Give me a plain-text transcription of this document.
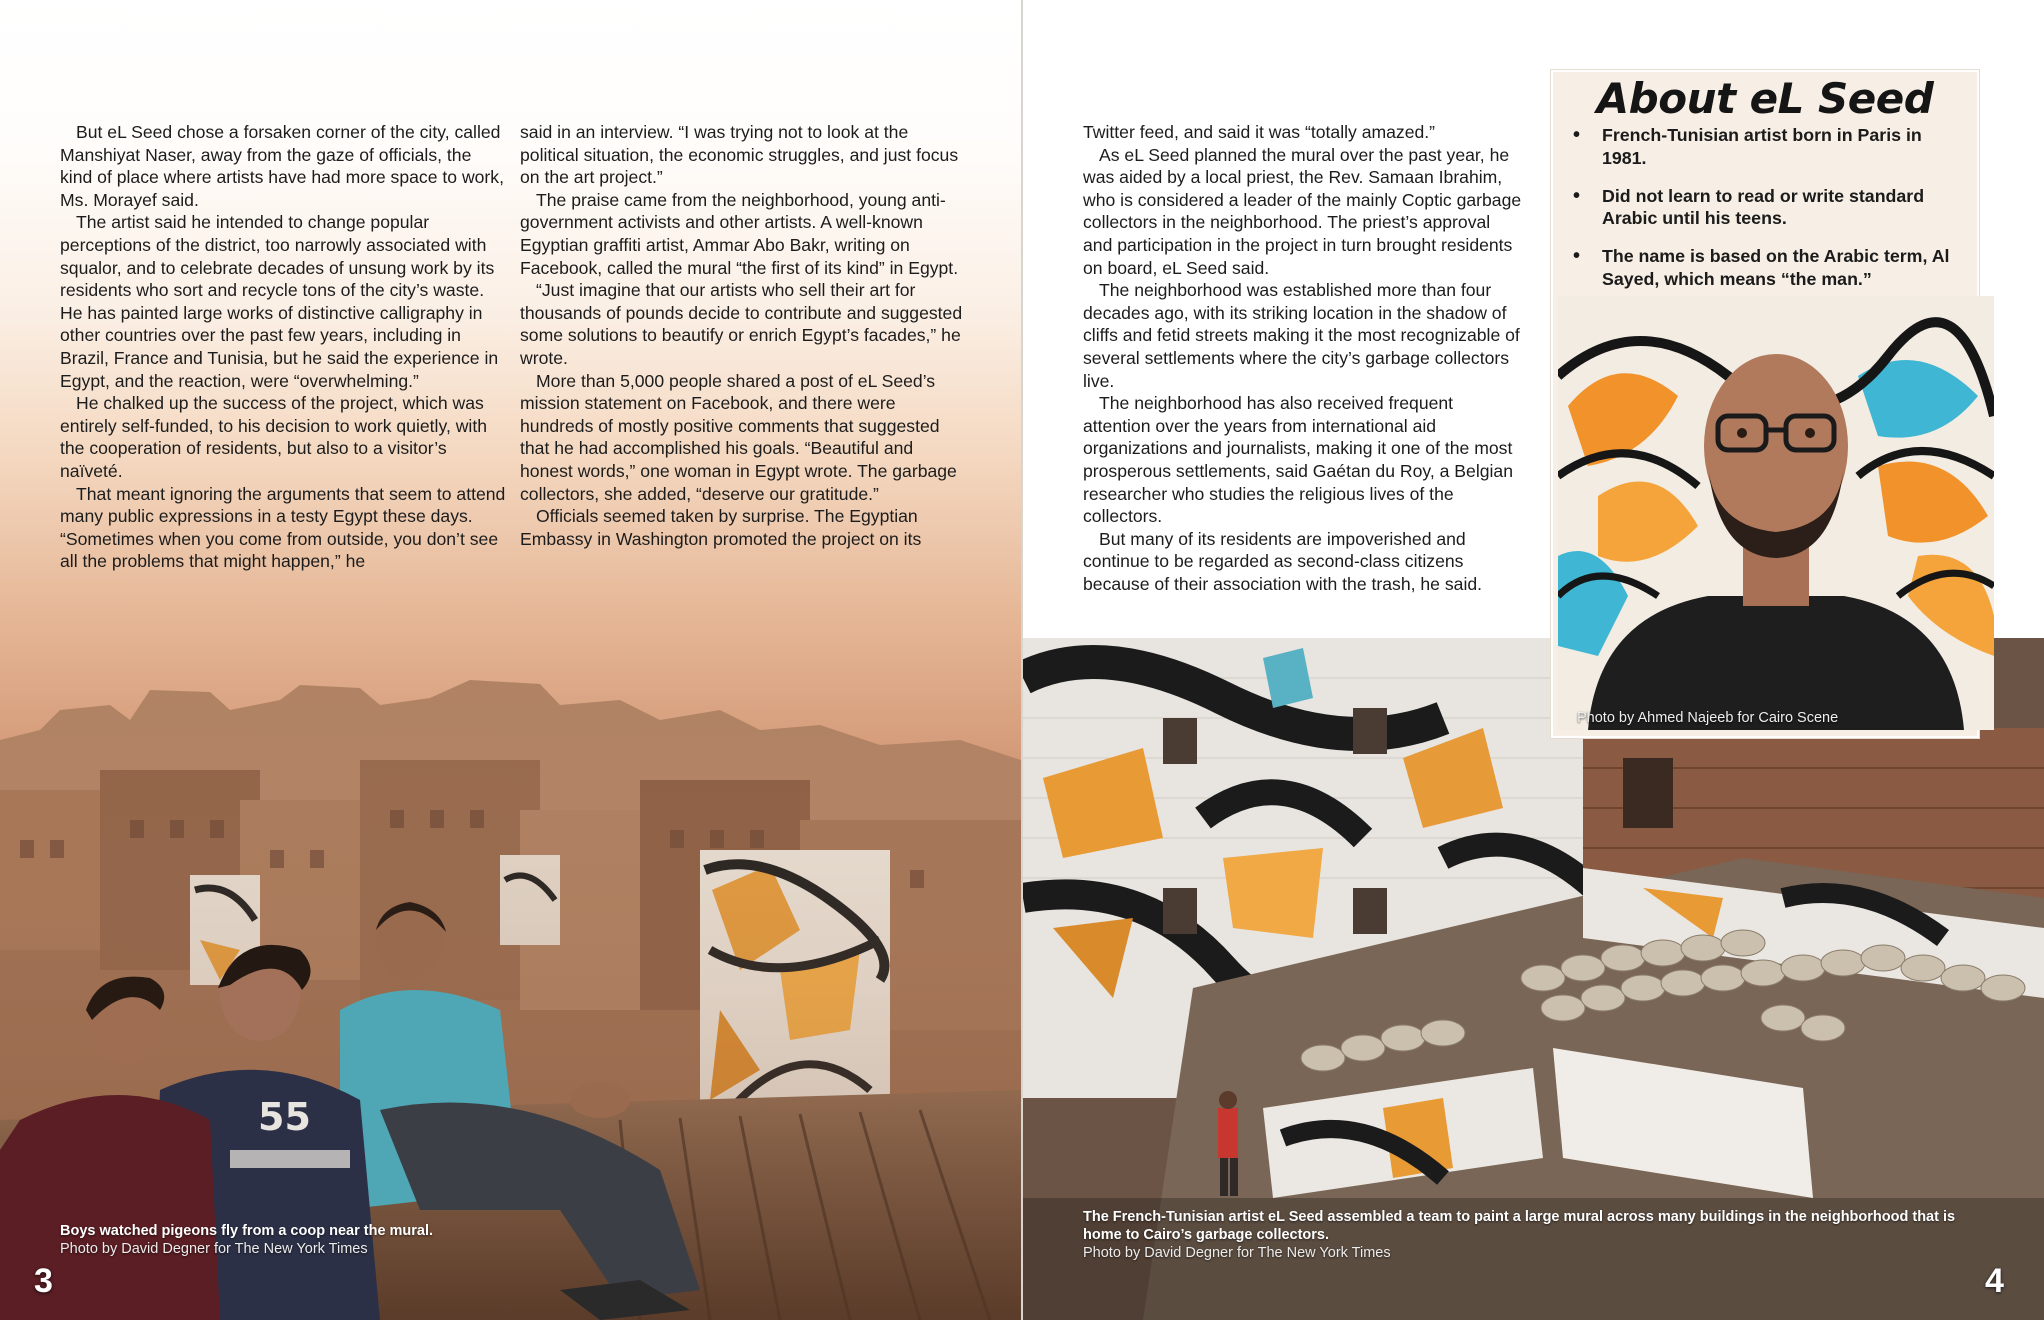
55

But eL Seed chose a forsaken corner of the city, called Manshiyat Naser, away from the gaze of officials, the kind of place where artists have had more space to work, Ms. Morayef said.

The artist said he intended to change popular perceptions of the district, too narrowly associated with squalor, and to celebrate decades of unsung work by its residents who sort and recycle tons of the city’s waste. He has painted large works of distinctive calligraphy in other countries over the past few years, including in Brazil, France and Tunisia, but he said the experience in Egypt, and the reaction, were “overwhelming.”

He chalked up the success of the project, which was entirely self-funded, to his decision to work quietly, with the cooperation of residents, but also to a visitor’s naïveté.

That meant ignoring the arguments that seem to attend many public expressions in a testy Egypt these days. “Sometimes when you come from outside, you don’t see all the problems that might happen,” he

said in an interview. “I was trying not to look at the political situation, the economic struggles, and just focus on the art project.”

The praise came from the neighborhood, young anti-government activists and other artists. A well-known Egyptian graffiti artist, Ammar Abo Bakr, writing on Facebook, called the mural “the first of its kind” in Egypt.

“Just imagine that our artists who sell their art for thousands of pounds decide to contribute and suggested some solutions to beautify or enrich Egypt’s facades,” he wrote.

More than 5,000 people shared a post of eL Seed’s mission statement on Facebook, and there were hundreds of mostly positive comments that suggested that he had accomplished his goals. “Beautiful and honest words,” one woman in Egypt wrote. The garbage collectors, she added, “deserve our gratitude.”

Officials seemed taken by surprise. The Egyptian Embassy in Washington promoted the project on its

Boys watched pigeons fly from a coop near the mural.
Photo by David Degner for The New York Times
3

Twitter feed, and said it was “totally amazed.”

As eL Seed planned the mural over the past year, he was aided by a local priest, the Rev. Samaan Ibrahim, who is considered a leader of the mainly Coptic garbage collectors in the neighborhood. The priest’s approval and participation in the project in turn brought residents on board, eL Seed said.

The neighborhood was established more than four decades ago, with its striking location in the shadow of cliffs and fetid streets making it the most recognizable of several settlements where the city’s garbage collectors live.

The neighborhood has also received frequent attention over the years from international aid organizations and journalists, making it one of the most prosperous settlements, said Gaétan du Roy, a Belgian researcher who studies the religious lives of the collectors.

But many of its residents are impoverished and continue to be regarded as second-class citizens because of their association with the trash, he said.

About eL Seed
• French-Tunisian artist born in Paris in 1981.
• Did not learn to read or write standard Arabic until his teens.
• The name is based on the Arabic term, Al Sayed, which means “the man.”
Photo by Ahmed Najeeb for Cairo Scene
The French-Tunisian artist eL Seed assembled a team to paint a large mural across many buildings in the neighborhood that is home to Cairo’s garbage collectors.
Photo by David Degner for The New York Times
4
